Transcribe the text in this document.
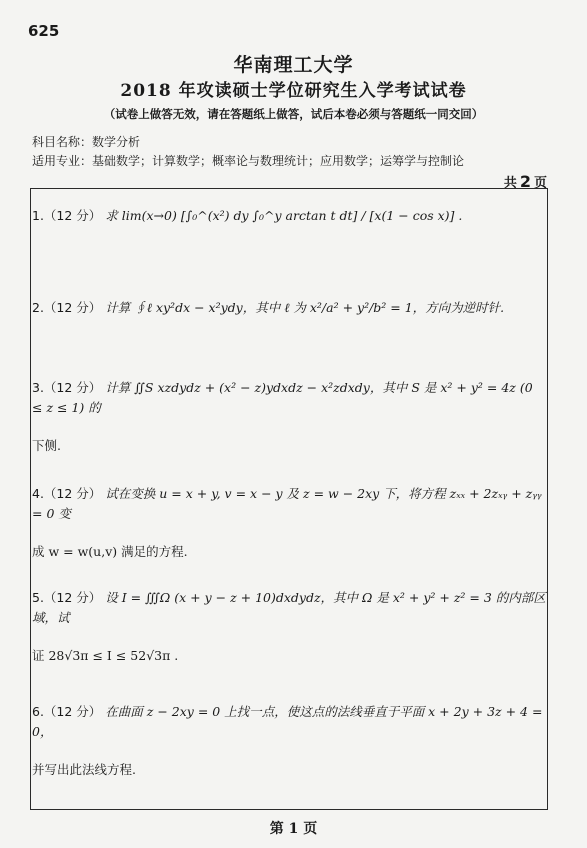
625
华南理工大学
2018 年攻读硕士学位研究生入学考试试卷
（试卷上做答无效，请在答题纸上做答，试后本卷必须与答题纸一同交回）
科目名称：数学分析
适用专业：基础数学；计算数学；概率论与数理统计；应用数学；运筹学与控制论
共 2 页
1.（12 分） 求 lim(x→0) [∫₀^(x²) dy ∫₀^y arctan t dt] / [x(1 − cos x)] .
2.（12 分） 计算 ∮ℓ xy²dx − x²ydy，其中 ℓ 为 x²/a² + y²/b² = 1，方向为逆时针.
3.（12 分） 计算 ∬S xzdydz + (x² − z)ydxdz − x²zdxdy，其中 S 是 x² + y² = 4z (0 ≤ z ≤ 1) 的
下侧.
4.（12 分） 试在变换 u = x + y, v = x − y 及 z = w − 2xy 下，将方程 zₓₓ + 2zₓᵧ + zᵧᵧ = 0 变
成 w = w(u,v) 满足的方程.
5.（12 分） 设 I = ∭Ω (x + y − z + 10)dxdydz，其中 Ω 是 x² + y² + z² = 3 的内部区域，试
证 28√3π ≤ I ≤ 52√3π .
6.（12 分） 在曲面 z − 2xy = 0 上找一点，使这点的法线垂直于平面 x + 2y + 3z + 4 = 0，
并写出此法线方程.
第 1 页
